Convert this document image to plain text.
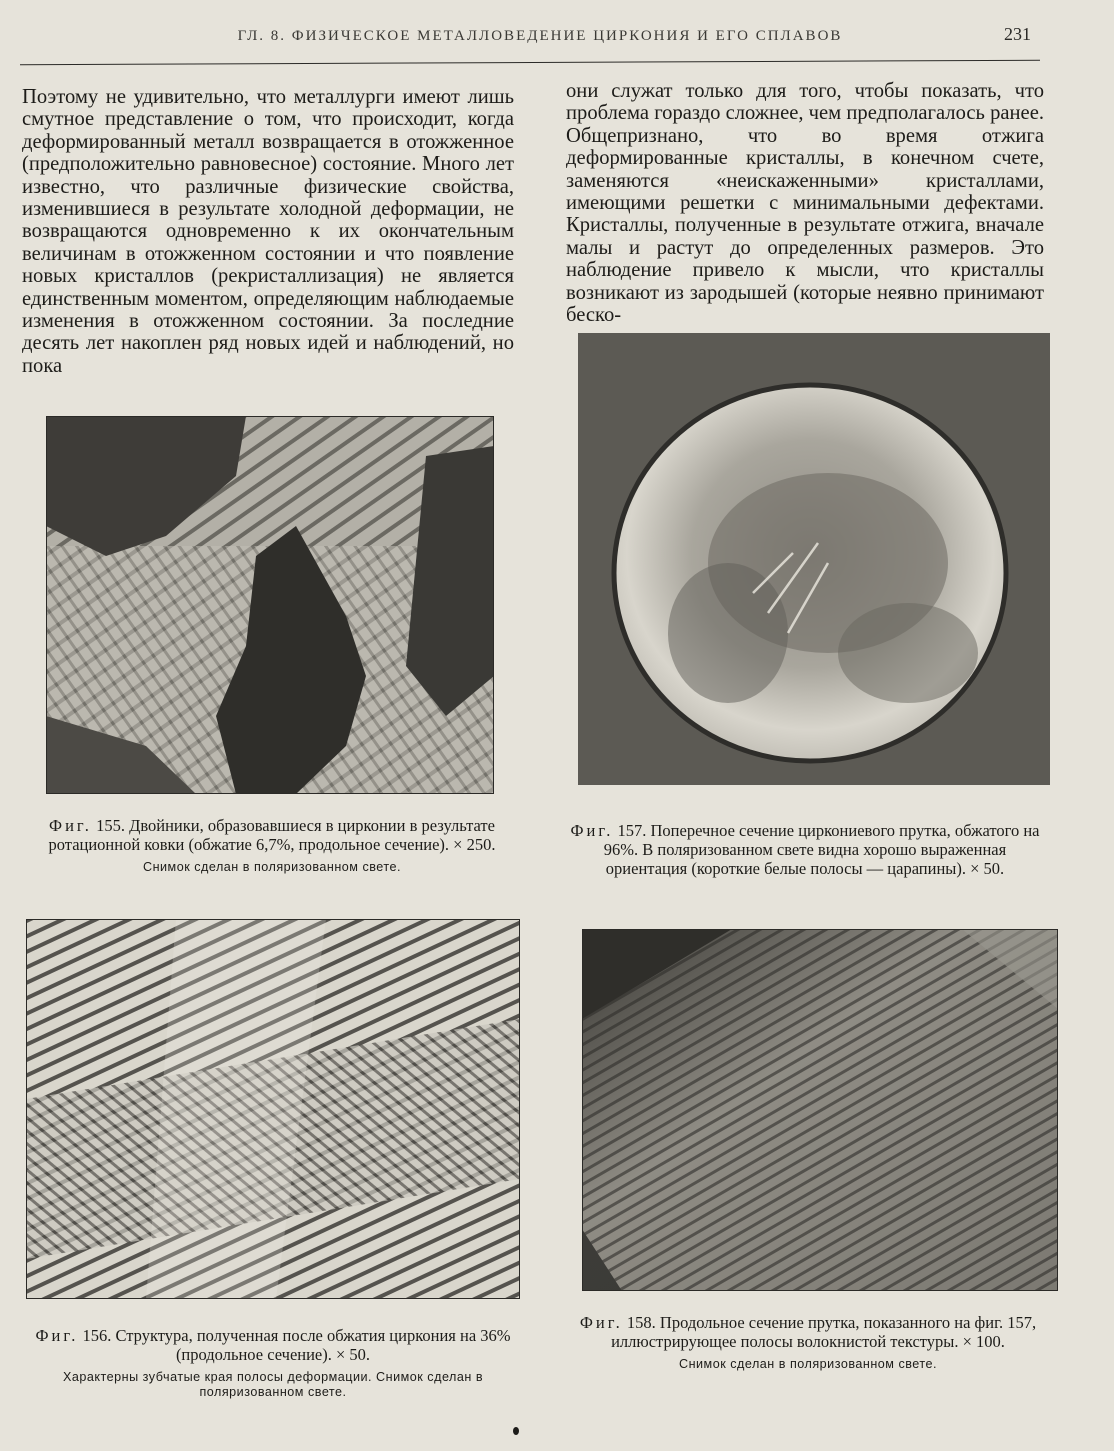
ГЛ. 8. ФИЗИЧЕСКОЕ МЕТАЛЛОВЕДЕНИЕ ЦИРКОНИЯ И ЕГО СПЛАВОВ	231

Поэтому не удивительно, что металлурги имеют лишь смутное представление о том, что происходит, когда деформированный металл возвращается в отожженное (предположительно равновесное) состояние. Много лет известно, что различные физические свойства, изменившиеся в результате холодной деформации, не возвращаются одновременно к их окончательным величинам в отожженном состоянии и что появление новых кристаллов (рекристаллизация) не является единственным моментом, определяющим наблюдаемые изменения в отожженном состоянии. За последние десять лет накоплен ряд новых идей и наблюдений, но пока

они служат только для того, чтобы показать, что проблема гораздо сложнее, чем предполагалось ранее. Общепризнано, что во время отжига деформированные кристаллы, в конечном счете, заменяются «неискаженными» кристаллами, имеющими решетки с минимальными дефектами. Кристаллы, полученные в результате отжига, вначале малы и растут до определенных размеров. Это наблюдение привело к мысли, что кристаллы возникают из зародышей (которые неявно принимают беско-

Фиг. 155. Двойники, образовавшиеся в цирконии в результате ротационной ковки (обжатие 6,7%, продольное сечение). × 250.
Снимок сделан в поляризованном свете.

Фиг. 157. Поперечное сечение циркониевого прутка, обжатого на 96%. В поляризованном свете видна хорошо выраженная ориентация (короткие белые полосы — царапины). × 50.

Фиг. 156. Структура, полученная после обжатия циркония на 36% (продольное сечение). × 50.
Характерны зубчатые края полосы деформации. Снимок сделан в поляризованном свете.

Фиг. 158. Продольное сечение прутка, показанного на фиг. 157, иллюстрирующее полосы волокнистой текстуры. × 100.
Снимок сделан в поляризованном свете.
